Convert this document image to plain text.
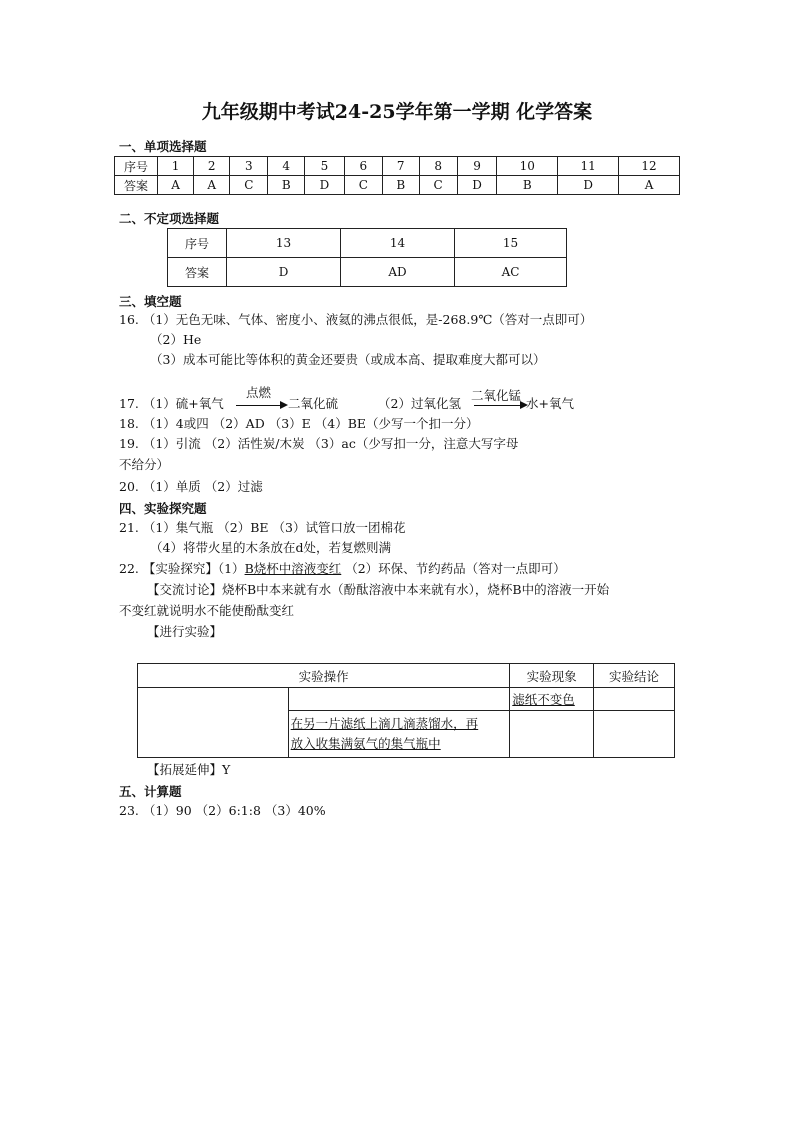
九年级期中考试24-25学年第一学期 化学答案
一、单项选择题
序号	1	2	3	4	5	6	7	8	9	10	11	12
答案	A	A	C	B	D	C	B	C	D	B	D	A
二、不定项选择题
序号	13	14	15
答案	D	AD	AC
三、填空题
16. （1）无色无味、气体、密度小、液氦的沸点很低，是-268.9℃（答对一点即可）
（2）He
（3）成本可能比等体积的黄金还要贵（或成本高、提取难度大都可以）
17. （1）硫+氧气
点燃
→ 二氧化硫	（2）过氧化氢
二氧化锰
水+氧气
18. （1）4或四 （2）AD （3）E （4）BE（少写一个扣一分）
19. （1）引流 （2）活性炭/木炭 （3）ac（少写扣一分，注意大写字母
不给分）
20. （1）单质 （2）过滤
四、实验探究题
21. （1）集气瓶 （2）BE （3）试管口放一团棉花
（4）将带火星的木条放在d处，若复燃则满
22. 【实验探究】（1）B烧杯中溶液变红 （2）环保、节约药品（答对一点即可）
【交流讨论】烧杯B中本来就有水（酚酞溶液中本来就有水），烧杯B中的溶液一开始
不变红就说明水不能使酚酞变红
【进行实验】
实验操作		实验现象	实验结论
		滤纸不变色	
	在另一片滤纸上滴几滴蒸馏水，再
放入收集满氨气的集气瓶中		
【拓展延伸】Y
五、计算题
23. （1）90 （2）6:1:8 （3）40%
